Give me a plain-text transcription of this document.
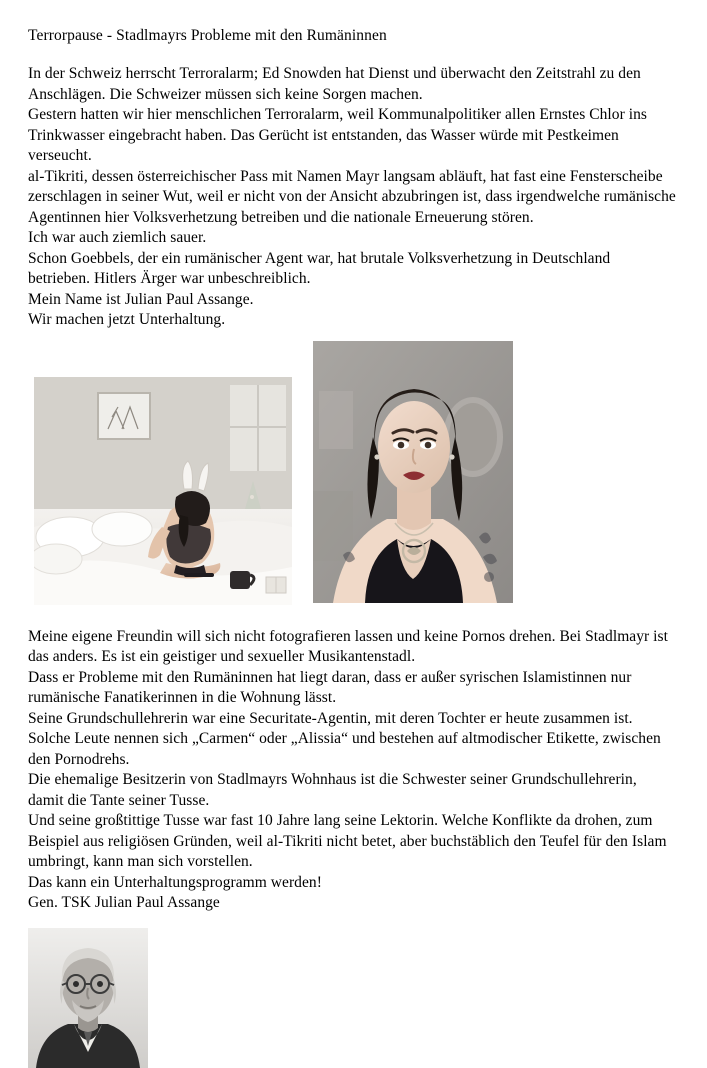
Terrorpause - Stadlmayrs Probleme mit den Rumäninnen

In der Schweiz herrscht Terroralarm; Ed Snowden hat Dienst und überwacht den Zeitstrahl zu den Anschlägen. Die Schweizer müssen sich keine Sorgen machen.

Gestern hatten wir hier menschlichen Terroralarm, weil Kommunalpolitiker allen Ernstes Chlor ins Trinkwasser eingebracht haben. Das Gerücht ist entstanden, das Wasser würde mit Pestkeimen verseucht.

al-Tikriti, dessen österreichischer Pass mit Namen Mayr langsam abläuft, hat fast eine Fensterscheibe zerschlagen in seiner Wut, weil er nicht von der Ansicht abzubringen ist, dass irgendwelche rumänische Agentinnen hier Volksverhetzung betreiben und die nationale Erneuerung stören.

Ich war auch ziemlich sauer.

Schon Goebbels, der ein rumänischer Agent war, hat brutale Volksverhetzung in Deutschland betrieben. Hitlers Ärger war unbeschreiblich.

Mein Name ist Julian Paul Assange.

Wir machen jetzt Unterhaltung.

Meine eigene Freundin will sich nicht fotografieren lassen und keine Pornos drehen. Bei Stadlmayr ist das anders. Es ist ein geistiger und sexueller Musikantenstadl.

Dass er Probleme mit den Rumäninnen hat liegt daran, dass er außer syrischen Islamistinnen nur rumänische Fanatikerinnen in die Wohnung lässt.

Seine Grundschullehrerin war eine Securitate-Agentin, mit deren Tochter er heute zusammen ist. Solche Leute nennen sich „Carmen“ oder „Alissia“ und bestehen auf altmodischer Etikette, zwischen den Pornodrehs.

Die ehemalige Besitzerin von Stadlmayrs Wohnhaus ist die Schwester seiner Grundschullehrerin, damit die Tante seiner Tusse.

Und seine großtittige Tusse war fast 10 Jahre lang seine Lektorin. Welche Konflikte da drohen, zum Beispiel aus religiösen Gründen, weil al-Tikriti nicht betet, aber buchstäblich den Teufel für den Islam umbringt, kann man sich vorstellen.

Das kann ein Unterhaltungsprogramm werden!

Gen. TSK Julian Paul Assange
